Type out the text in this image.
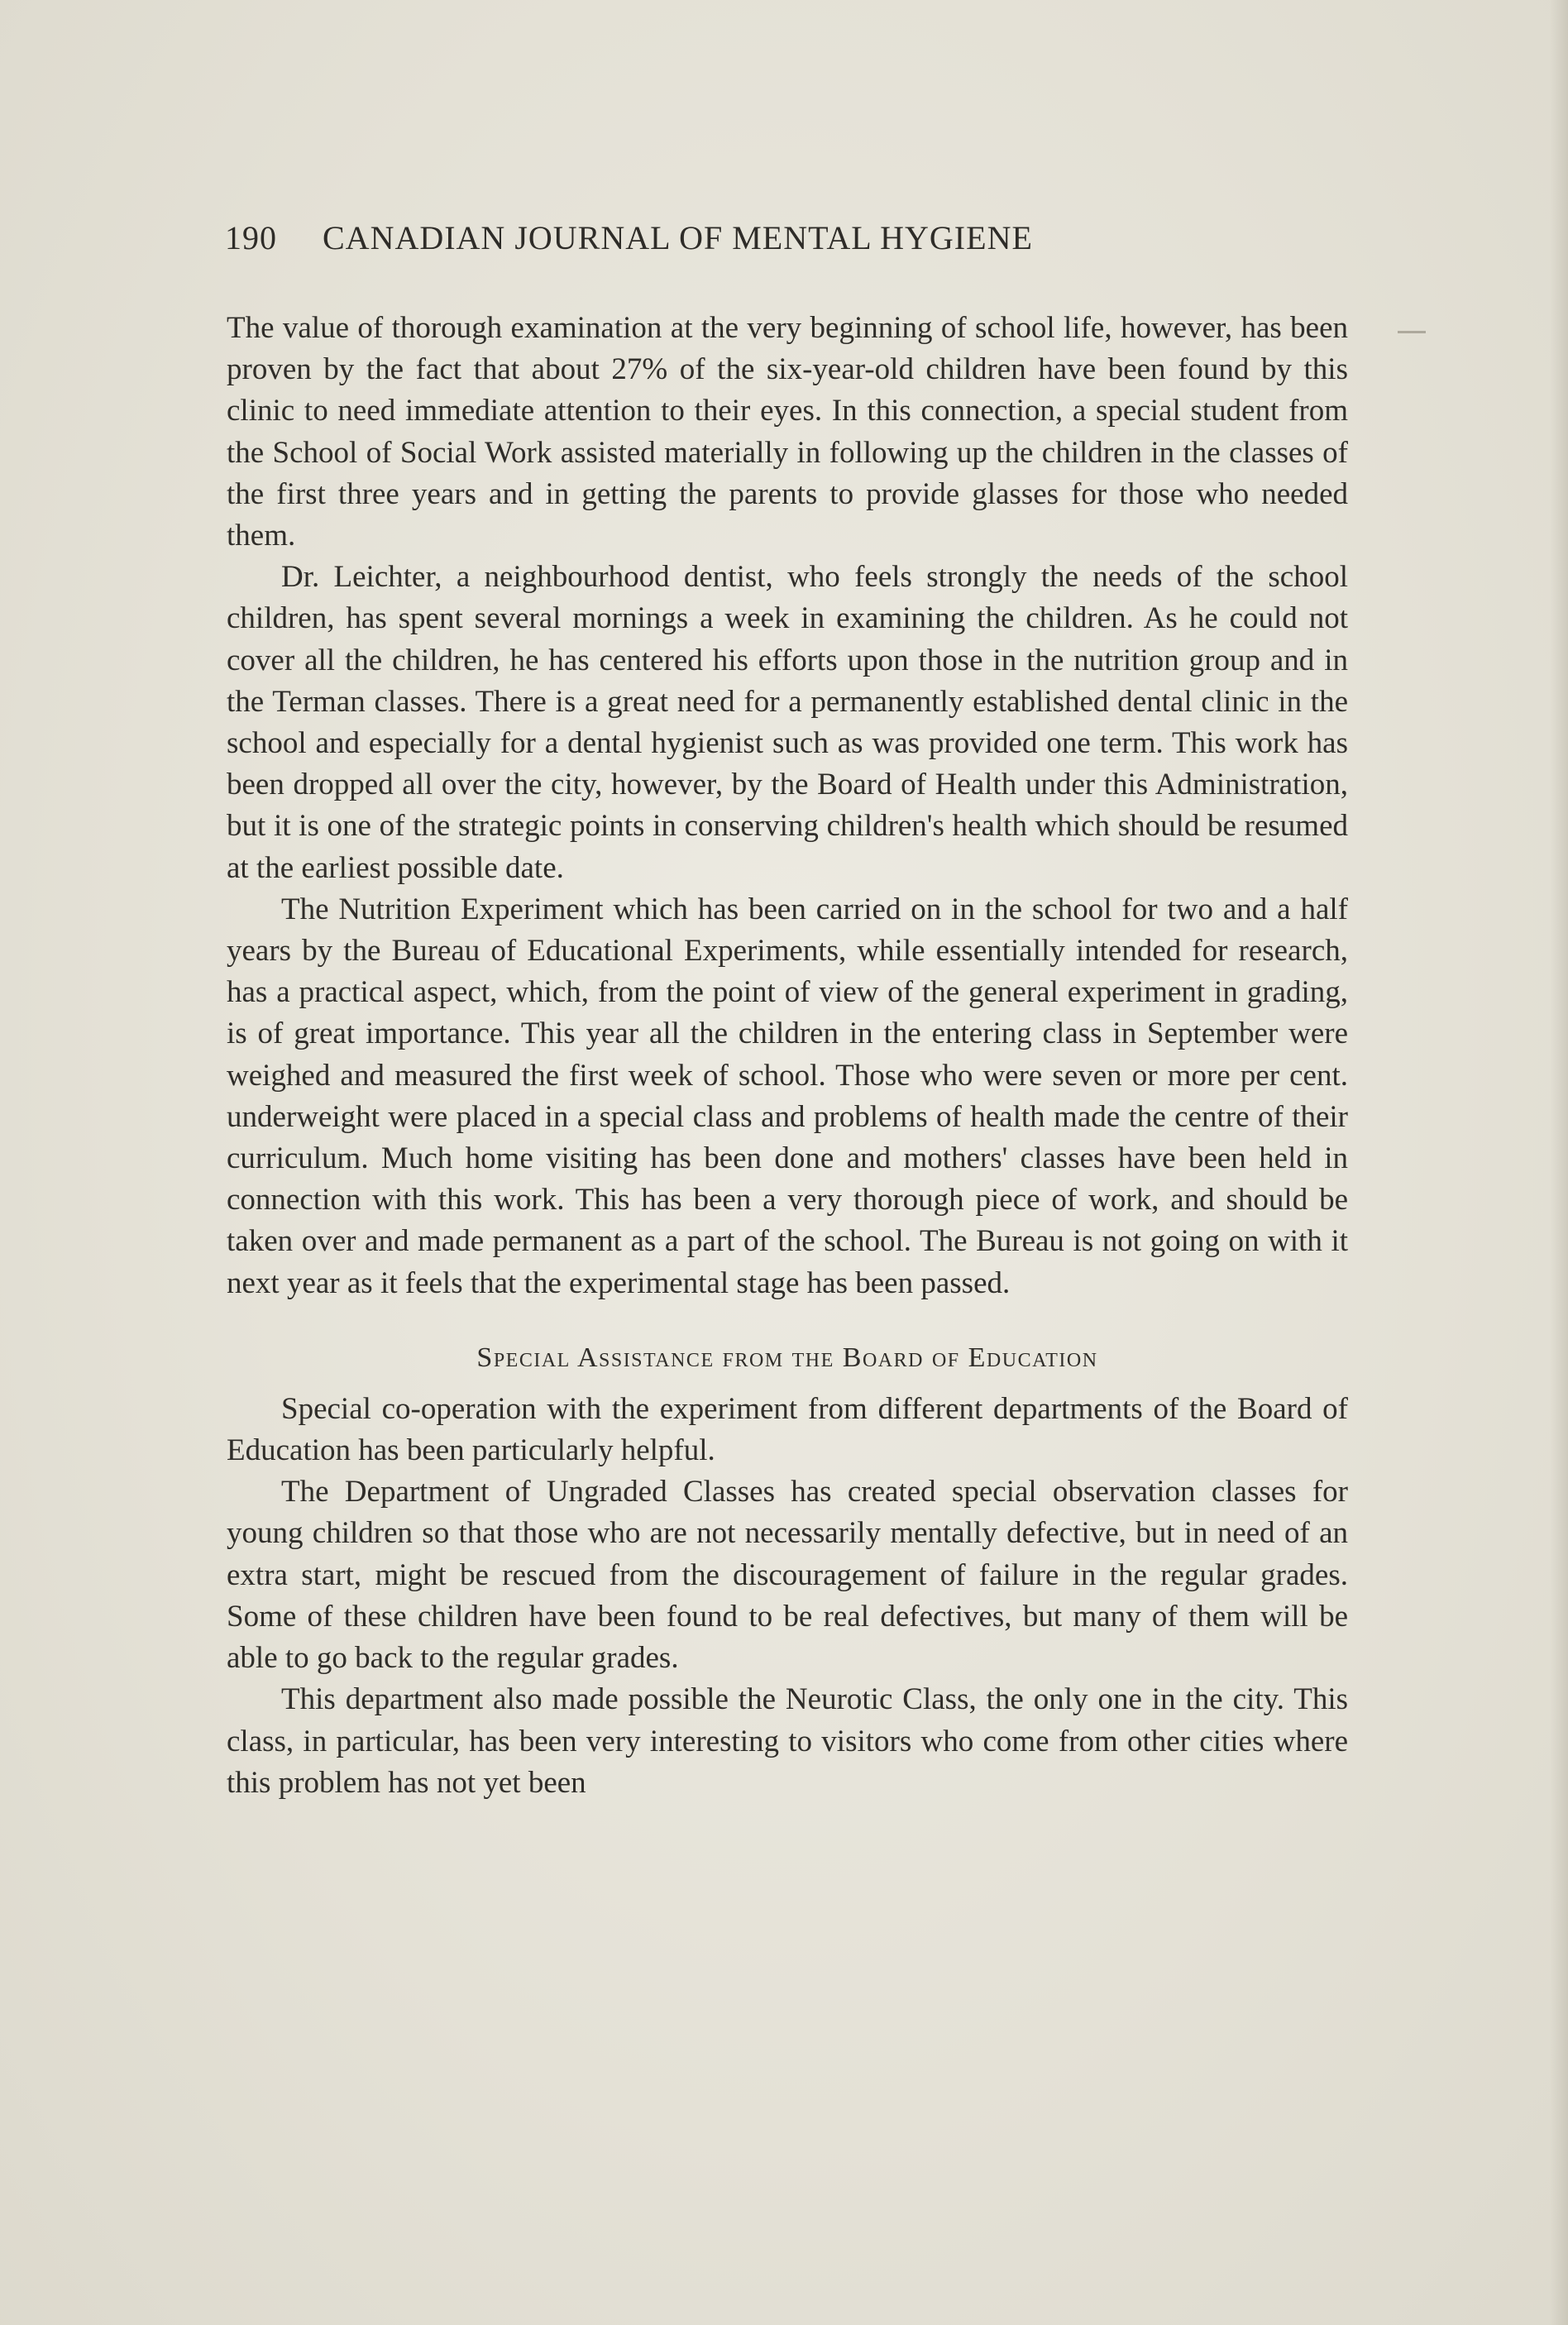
190 CANADIAN JOURNAL OF MENTAL HYGIENE

The value of thorough examination at the very beginning of school life, however, has been proven by the fact that about 27% of the six-year-old children have been found by this clinic to need immediate attention to their eyes. In this connection, a special student from the School of Social Work assisted materially in following up the children in the classes of the first three years and in getting the parents to provide glasses for those who needed them.

Dr. Leichter, a neighbourhood dentist, who feels strongly the needs of the school children, has spent several mornings a week in examining the children. As he could not cover all the children, he has centered his efforts upon those in the nutrition group and in the Terman classes. There is a great need for a permanently established dental clinic in the school and especially for a dental hygienist such as was provided one term. This work has been dropped all over the city, however, by the Board of Health under this Administration, but it is one of the strategic points in conserving children's health which should be resumed at the earliest possible date.

The Nutrition Experiment which has been carried on in the school for two and a half years by the Bureau of Educational Experiments, while essentially intended for research, has a practical aspect, which, from the point of view of the general experiment in grading, is of great importance. This year all the children in the entering class in September were weighed and measured the first week of school. Those who were seven or more per cent. underweight were placed in a special class and problems of health made the centre of their curriculum. Much home visiting has been done and mothers' classes have been held in connection with this work. This has been a very thorough piece of work, and should be taken over and made permanent as a part of the school. The Bureau is not going on with it next year as it feels that the experimental stage has been passed.

Special Assistance from the Board of Education

Special co-operation with the experiment from different departments of the Board of Education has been particularly helpful.

The Department of Ungraded Classes has created special observation classes for young children so that those who are not necessarily mentally defective, but in need of an extra start, might be rescued from the discouragement of failure in the regular grades. Some of these children have been found to be real defectives, but many of them will be able to go back to the regular grades.

This department also made possible the Neurotic Class, the only one in the city. This class, in particular, has been very interesting to visitors who come from other cities where this problem has not yet been
